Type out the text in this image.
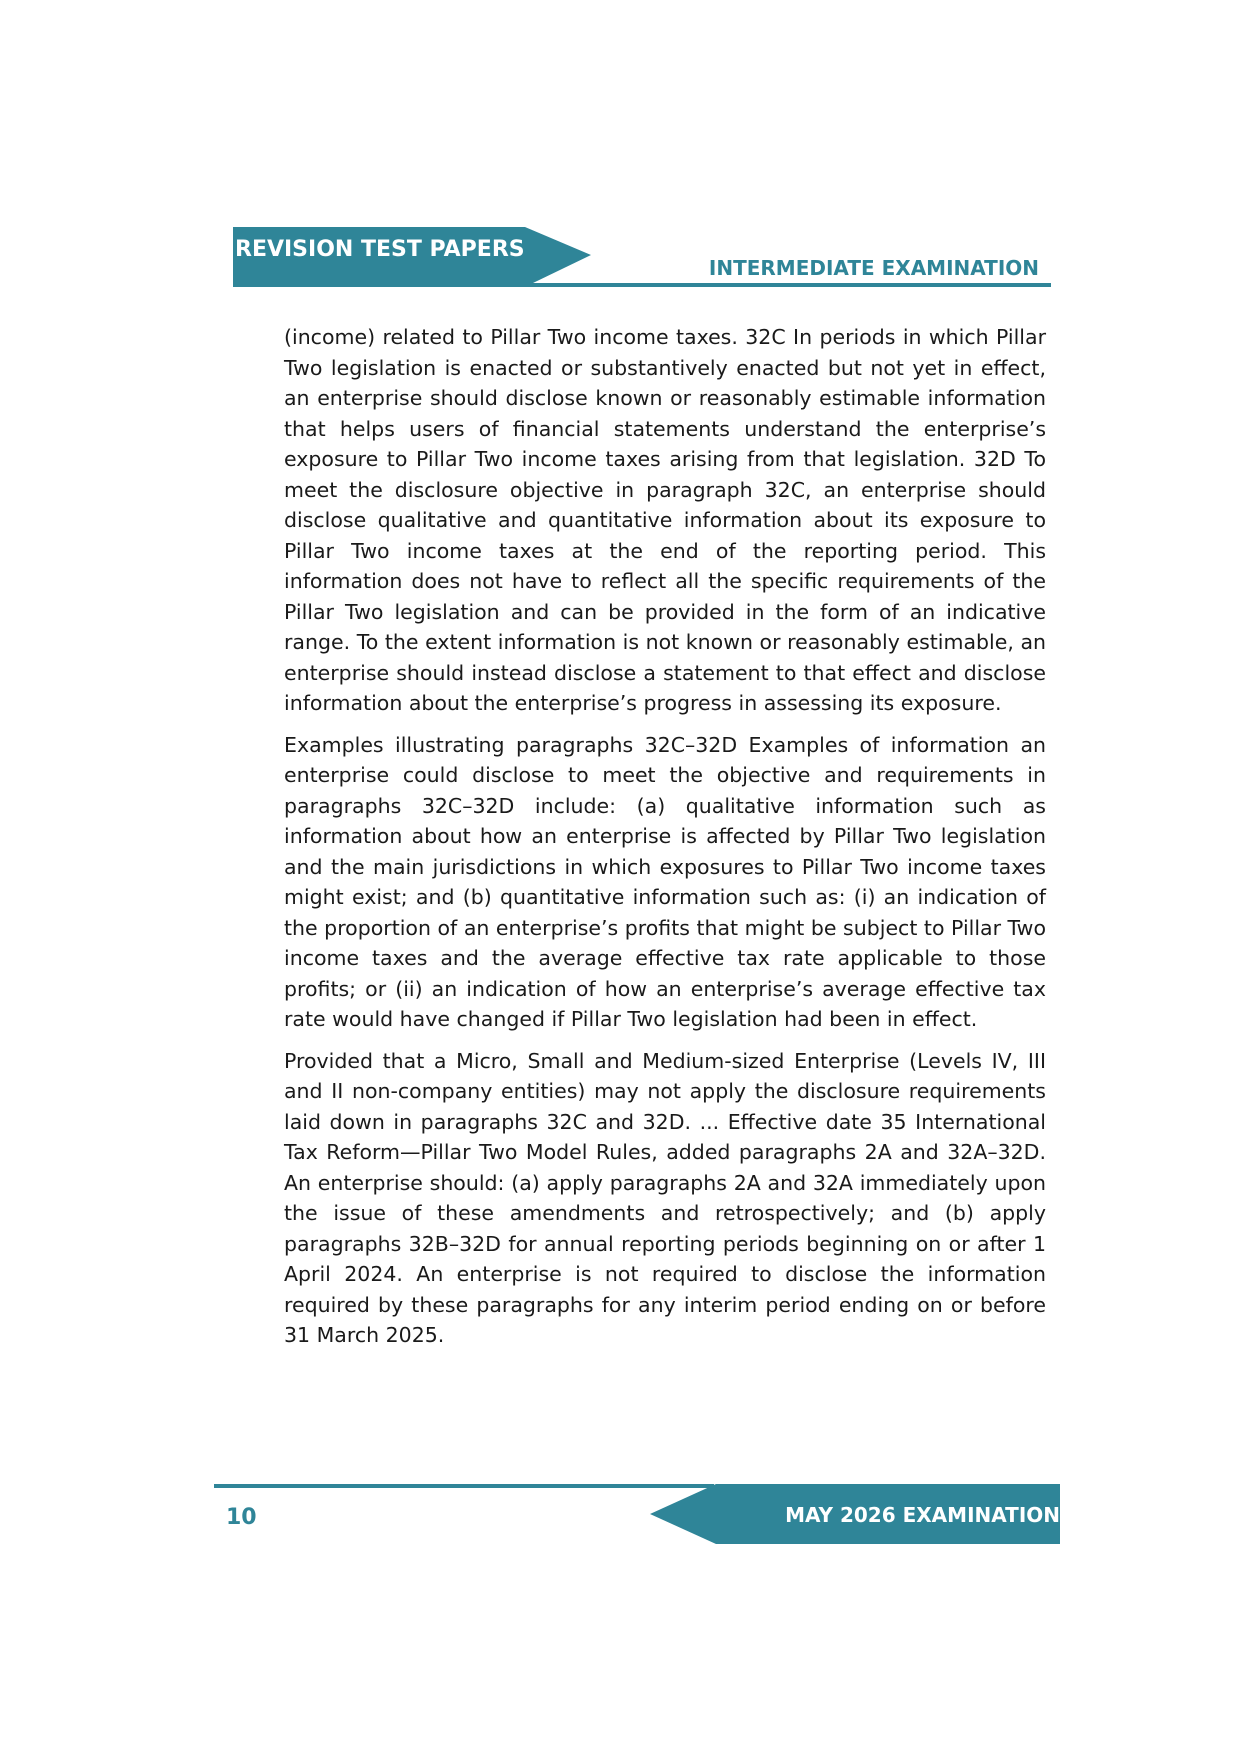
REVISION TEST PAPERS
INTERMEDIATE EXAMINATION

(income) related to Pillar Two income taxes. 32C In periods in which Pillar Two legislation is enacted or substantively enacted but not yet in effect, an enterprise should disclose known or reasonably estimable information that helps users of financial statements understand the enterprise’s exposure to Pillar Two income taxes arising from that legislation. 32D To meet the disclosure objective in paragraph 32C, an enterprise should disclose qualitative and quantitative information about its exposure to Pillar Two income taxes at the end of the reporting period. This information does not have to reflect all the specific requirements of the Pillar Two legislation and can be provided in the form of an indicative range. To the extent information is not known or reasonably estimable, an enterprise should instead disclose a statement to that effect and disclose information about the enterprise’s progress in assessing its exposure.

Examples illustrating paragraphs 32C–32D Examples of information an enterprise could disclose to meet the objective and requirements in paragraphs 32C–32D include: (a) qualitative information such as information about how an enterprise is affected by Pillar Two legislation and the main jurisdictions in which exposures to Pillar Two income taxes might exist; and (b) quantitative information such as: (i) an indication of the proportion of an enterprise’s profits that might be subject to Pillar Two income taxes and the average effective tax rate applicable to those profits; or (ii) an indication of how an enterprise’s average effective tax rate would have changed if Pillar Two legislation had been in effect.

Provided that a Micro, Small and Medium-sized Enterprise (Levels IV, III and II non-company entities) may not apply the disclosure requirements laid down in paragraphs 32C and 32D. ... Effective date 35 International Tax Reform—Pillar Two Model Rules, added paragraphs 2A and 32A–32D. An enterprise should: (a) apply paragraphs 2A and 32A immediately upon the issue of these amendments and retrospectively; and (b) apply paragraphs 32B–32D for annual reporting periods beginning on or after 1 April 2024. An enterprise is not required to disclose the information required by these paragraphs for any interim period ending on or before 31 March 2025.

MAY 2026 EXAMINATION
10
